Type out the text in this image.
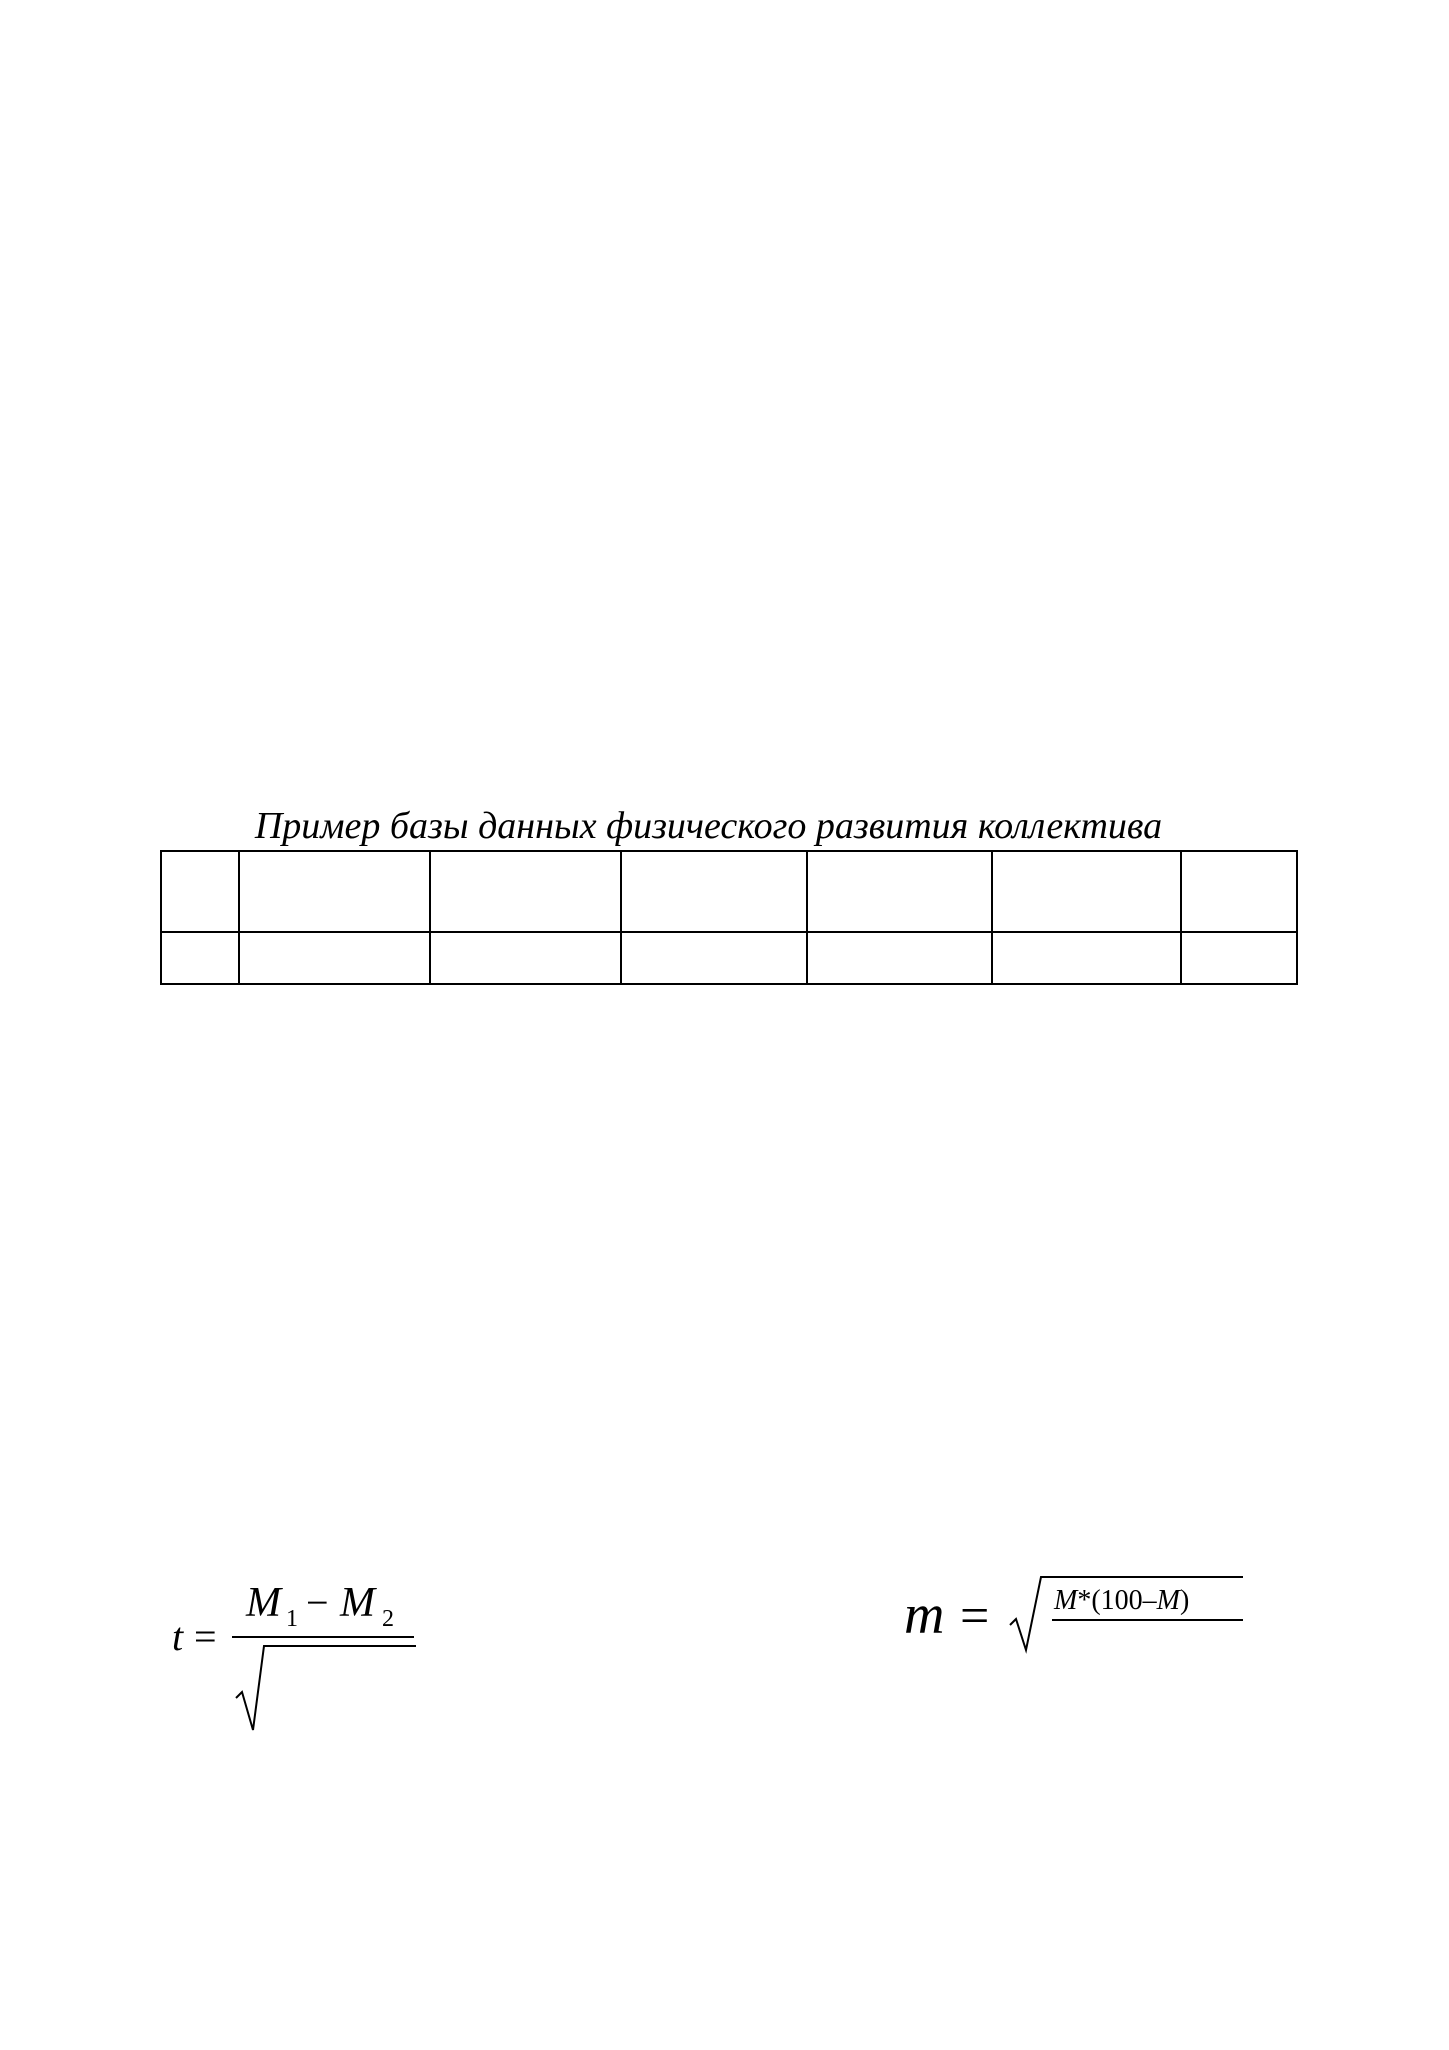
Пример базы данных физического развития коллектива

t =
M 1 − M 2	m = M*(100–M)
